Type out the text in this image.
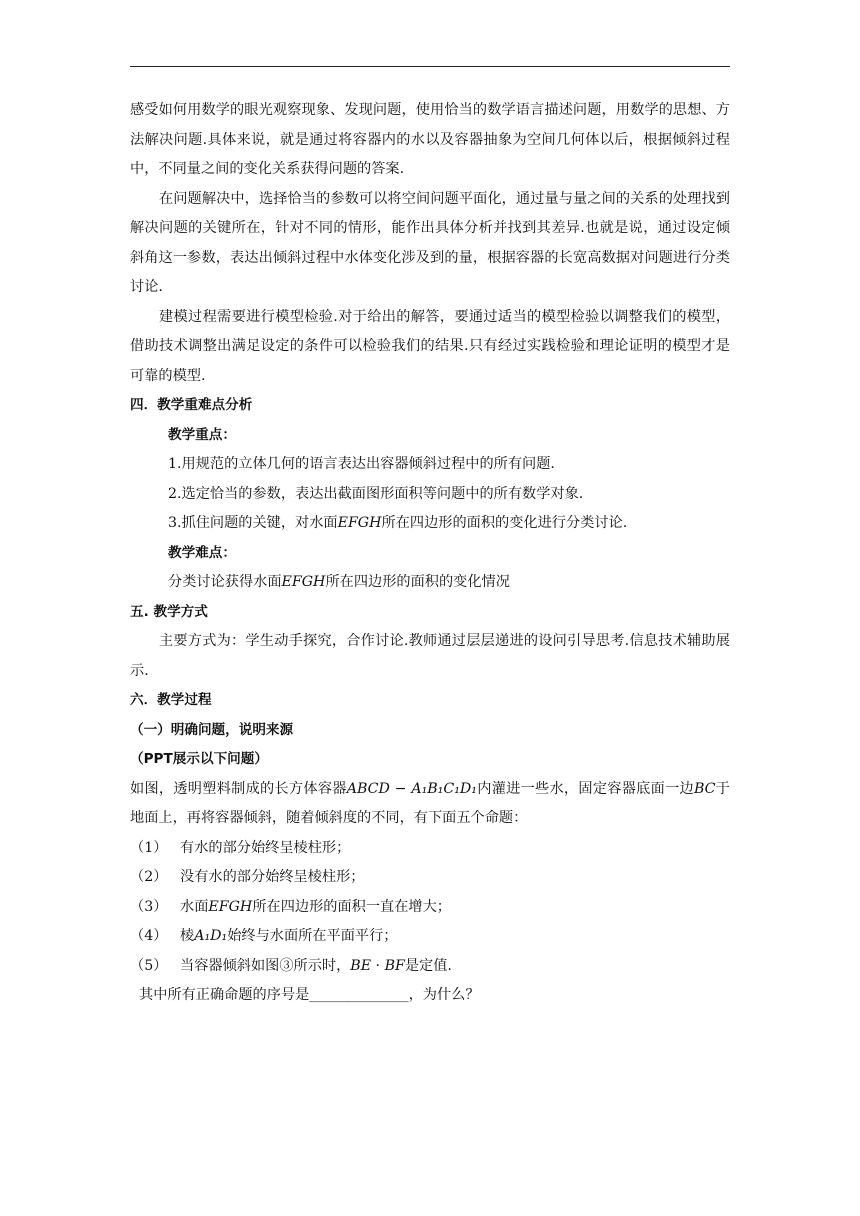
感受如何用数学的眼光观察现象、发现问题，使用恰当的数学语言描述问题，用数学的思想、方法解决问题.具体来说，就是通过将容器内的水以及容器抽象为空间几何体以后，根据倾斜过程中，不同量之间的变化关系获得问题的答案.

在问题解决中，选择恰当的参数可以将空间问题平面化，通过量与量之间的关系的处理找到解决问题的关键所在，针对不同的情形，能作出具体分析并找到其差异.也就是说，通过设定倾斜角这一参数，表达出倾斜过程中水体变化涉及到的量，根据容器的长宽高数据对问题进行分类讨论.

建模过程需要进行模型检验.对于给出的解答，要通过适当的模型检验以调整我们的模型，借助技术调整出满足设定的条件可以检验我们的结果.只有经过实践检验和理论证明的模型才是可靠的模型.

四．教学重难点分析

教学重点：

1.用规范的立体几何的语言表达出容器倾斜过程中的所有问题.

2.选定恰当的参数，表达出截面图形面积等问题中的所有数学对象.

3.抓住问题的关键，对水面EFGH所在四边形的面积的变化进行分类讨论.

教学难点：

分类讨论获得水面EFGH所在四边形的面积的变化情况

五. 教学方式

主要方式为：学生动手探究，合作讨论.教师通过层层递进的设问引导思考.信息技术辅助展示.

六．教学过程

（一）明确问题，说明来源

（PPT展示以下问题）

如图，透明塑料制成的长方体容器ABCD − A₁B₁C₁D₁内灌进一些水，固定容器底面一边BC于地面上，再将容器倾斜，随着倾斜度的不同，有下面五个命题：

（1） 有水的部分始终呈棱柱形；
（2） 没有水的部分始终呈棱柱形；
（3） 水面EFGH所在四边形的面积一直在增大；
（4） 棱A₁D₁始终与水面所在平面平行；
（5） 当容器倾斜如图③所示时，BE · BF是定值.

其中所有正确命题的序号是______________，为什么？
